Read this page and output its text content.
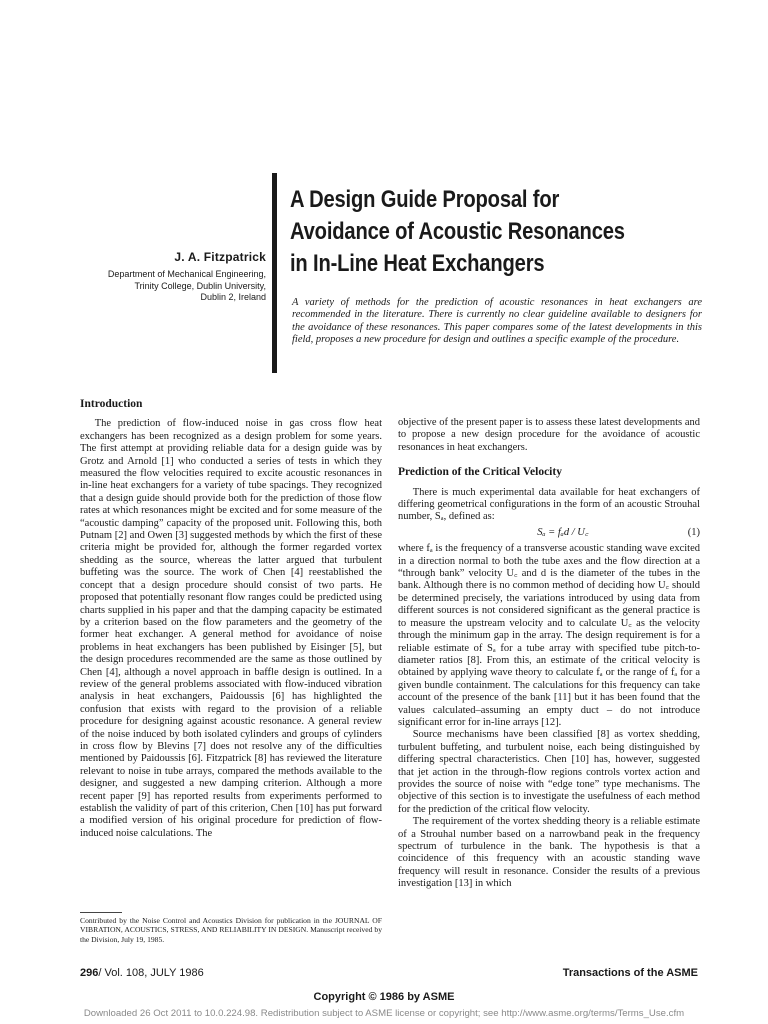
J. A. Fitzpatrick
Department of Mechanical Engineering,
Trinity College, Dublin University,
Dublin 2, Ireland
A Design Guide Proposal for
Avoidance of Acoustic Resonances
in In-Line Heat Exchangers
A variety of methods for the prediction of acoustic resonances in heat exchangers are recommended in the literature. There is currently no clear guideline available to designers for the avoidance of these resonances. This paper compares some of the latest developments in this field, proposes a new procedure for design and outlines a specific example of the procedure.
Introduction

The prediction of flow-induced noise in gas cross flow heat exchangers has been recognized as a design problem for some years. The first attempt at providing reliable data for a design guide was by Grotz and Arnold [1] who conducted a series of tests in which they measured the flow velocities required to excite acoustic resonances in in-line heat exchangers for a variety of tube spacings. They recognized that a design guide should provide both for the prediction of those flow rates at which resonances might be excited and for some measure of the “acoustic damping” capacity of the proposed unit. Following this, both Putnam [2] and Owen [3] suggested methods by which the first of these criteria might be provided for, although the former regarded vortex shedding as the source, whereas the latter argued that turbulent buffeting was the source. The work of Chen [4] reestablished the concept that a design procedure should consist of two parts. He proposed that potentially resonant flow ranges could be predicted using charts supplied in his paper and that the damping capacity be estimated by a criterion based on the flow parameters and the geometry of the former heat exchanger. A general method for avoidance of noise problems in heat exchangers has been published by Eisinger [5], but the design procedures recommended are the same as those outlined by Chen [4], although a novel approach in baffle design is outlined. In a review of the general problems associated with flow-induced vibration analysis in heat exchangers, Paidoussis [6] has highlighted the confusion that exists with regard to the provision of a reliable procedure for designing against acoustic resonance. A general review of the noise induced by both isolated cylinders and groups of cylinders in cross flow by Blevins [7] does not resolve any of the difficulties mentioned by Paidoussis [6]. Fitzpatrick [8] has reviewed the literature relevant to noise in tube arrays, compared the methods available to the designer, and suggested a new damping criterion. Although a more recent paper [9] has reported results from experiments performed to establish the validity of part of this criterion, Chen [10] has put forward a modified version of his original procedure for prediction of flow-induced noise calculations. The

objective of the present paper is to assess these latest developments and to propose a new design procedure for the avoidance of acoustic resonances in heat exchangers.

Prediction of the Critical Velocity

There is much experimental data available for heat exchangers of differing geometrical configurations in the form of an acoustic Strouhal number, Sₐ, defined as:

Sₐ = fₐd / U꜀	(1)

where fₐ is the frequency of a transverse acoustic standing wave excited in a direction normal to both the tube axes and the flow direction at a “through bank” velocity U꜀ and d is the diameter of the tubes in the bank. Although there is no common method of deciding how U꜀ should be determined precisely, the variations introduced by using data from different sources is not considered significant as the general practice is to measure the upstream velocity and to calculate U꜀ as the velocity through the minimum gap in the array. The design requirement is for a reliable estimate of Sₐ for a tube array with specified tube pitch-to-diameter ratios [8]. From this, an estimate of the critical velocity is obtained by applying wave theory to calculate fₐ or the range of fₐ for a given bundle containment. The calculations for this frequency can take account of the presence of the bank [11] but it has been found that the values calculated–assuming an empty duct – do not introduce significant error for in-line arrays [12].

Source mechanisms have been classified [8] as vortex shedding, turbulent buffeting, and turbulent noise, each being distinguished by differing spectral characteristics. Chen [10] has, however, suggested that jet action in the through-flow regions controls vortex action and provides the source of noise with “edge tone” type mechanisms. The objective of this section is to investigate the usefulness of each method for the prediction of the critical flow velocity.

The requirement of the vortex shedding theory is a reliable estimate of a Strouhal number based on a narrowband peak in the frequency spectrum of turbulence in the bank. The hypothesis is that a coincidence of this frequency with an acoustic standing wave frequency will result in resonance. Consider the results of a previous investigation [13] in which

Contributed by the Noise Control and Acoustics Division for publication in the JOURNAL OF VIBRATION, ACOUSTICS, STRESS, AND RELIABILITY IN DESIGN. Manuscript received by the Division, July 19, 1985.
296/ Vol. 108, JULY 1986	Transactions of the ASME
Copyright © 1986 by ASME
Downloaded 26 Oct 2011 to 10.0.224.98. Redistribution subject to ASME license or copyright; see http://www.asme.org/terms/Terms_Use.cfm
